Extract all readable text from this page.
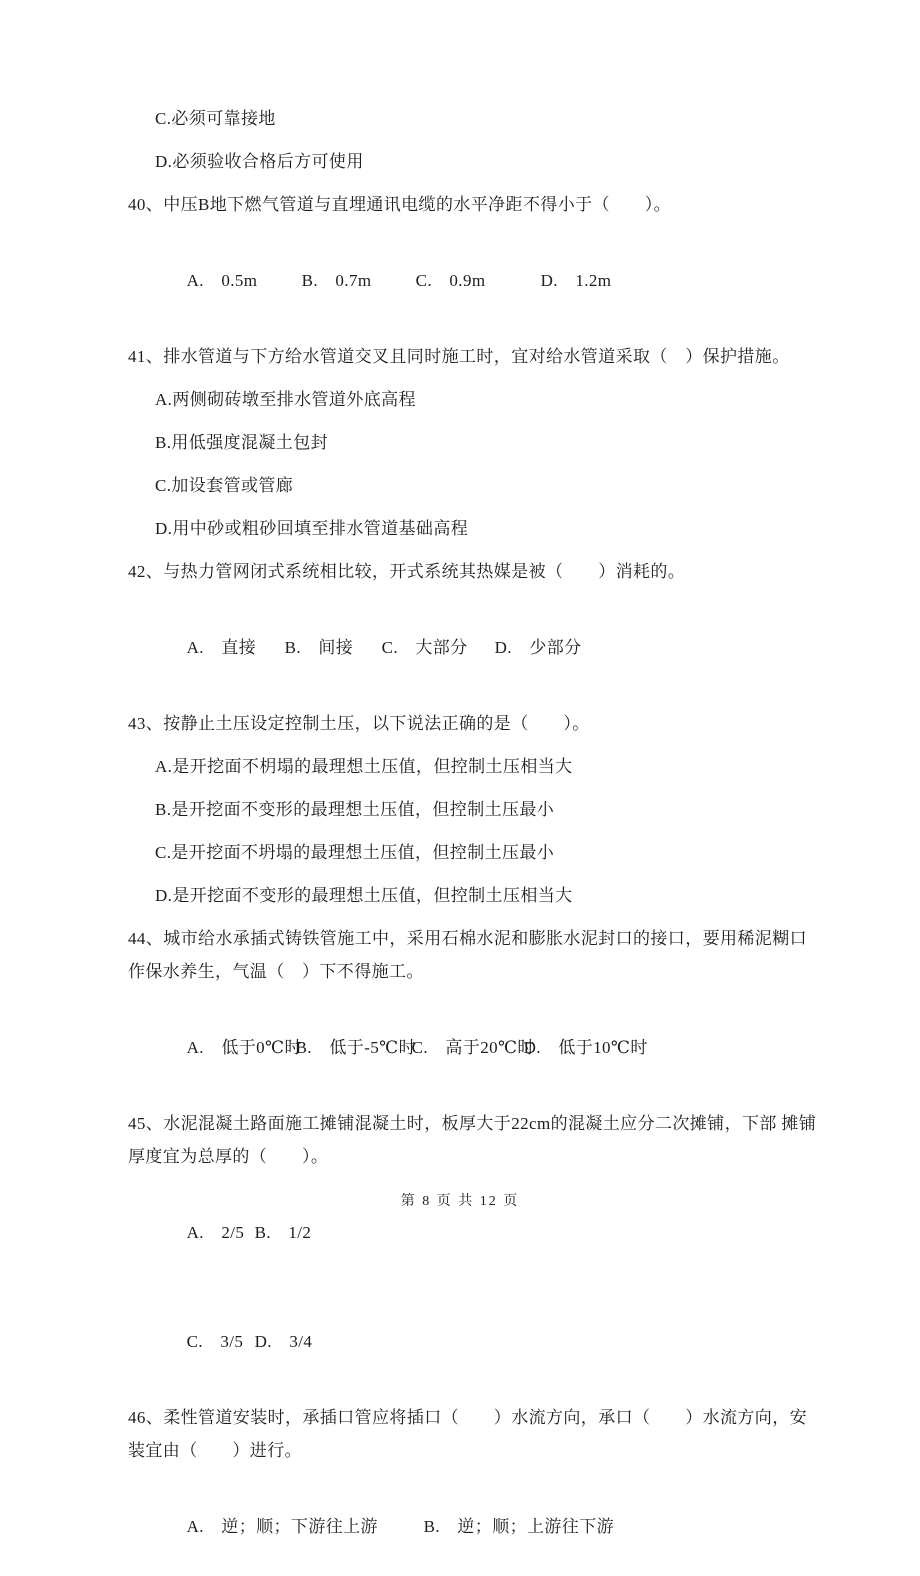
C.必须可靠接地
D.必须验收合格后方可使用
40、中压B地下燃气管道与直埋通讯电缆的水平净距不得小于（　　）。

A.　0.5m	B.　0.7m	C.　0.9m	D.　1.2m

41、排水管道与下方给水管道交叉且同时施工时，宜对给水管道采取（　）保护措施。
A.两侧砌砖墩至排水管道外底高程
B.用低强度混凝土包封
C.加设套管或管廊
D.用中砂或粗砂回填至排水管道基础高程
42、与热力管网闭式系统相比较，开式系统其热媒是被（　　）消耗的。

A.　直接 B.　间接 C.　大部分 D.　少部分

43、按静止土压设定控制土压，以下说法正确的是（　　）。
A.是开挖面不枂塌的最理想土压值，但控制土压相当大
B.是开挖面不变形的最理想土压值，但控制土压最小
C.是开挖面不坍塌的最理想土压值，但控制土压最小
D.是开挖面不变形的最理想土压值，但控制土压相当大
44、城市给水承插式铸铁管施工中，采用石棉水泥和膨胀水泥封口的接口，要用稀泥糊口
作保水养生，气温（　）下不得施工。

A.　低于0℃时B.　低于-5℃时C.　高于20℃时D.　低于10℃时

45、水泥混凝土路面施工摊铺混凝土时，板厚大于22cm的混凝土应分二次摊铺，下部 摊铺
厚度宜为总厚的（　　）。

A.　2/5 B.　1/2

C.　3/5 D.　3/4

46、柔性管道安装时，承插口管应将插口（　　）水流方向，承口（　　）水流方向，安
装宜由（　　）进行。

A.　逆；顺；下游往上游	B.　逆；顺；上游往下游

第 8 页 共 12 页
